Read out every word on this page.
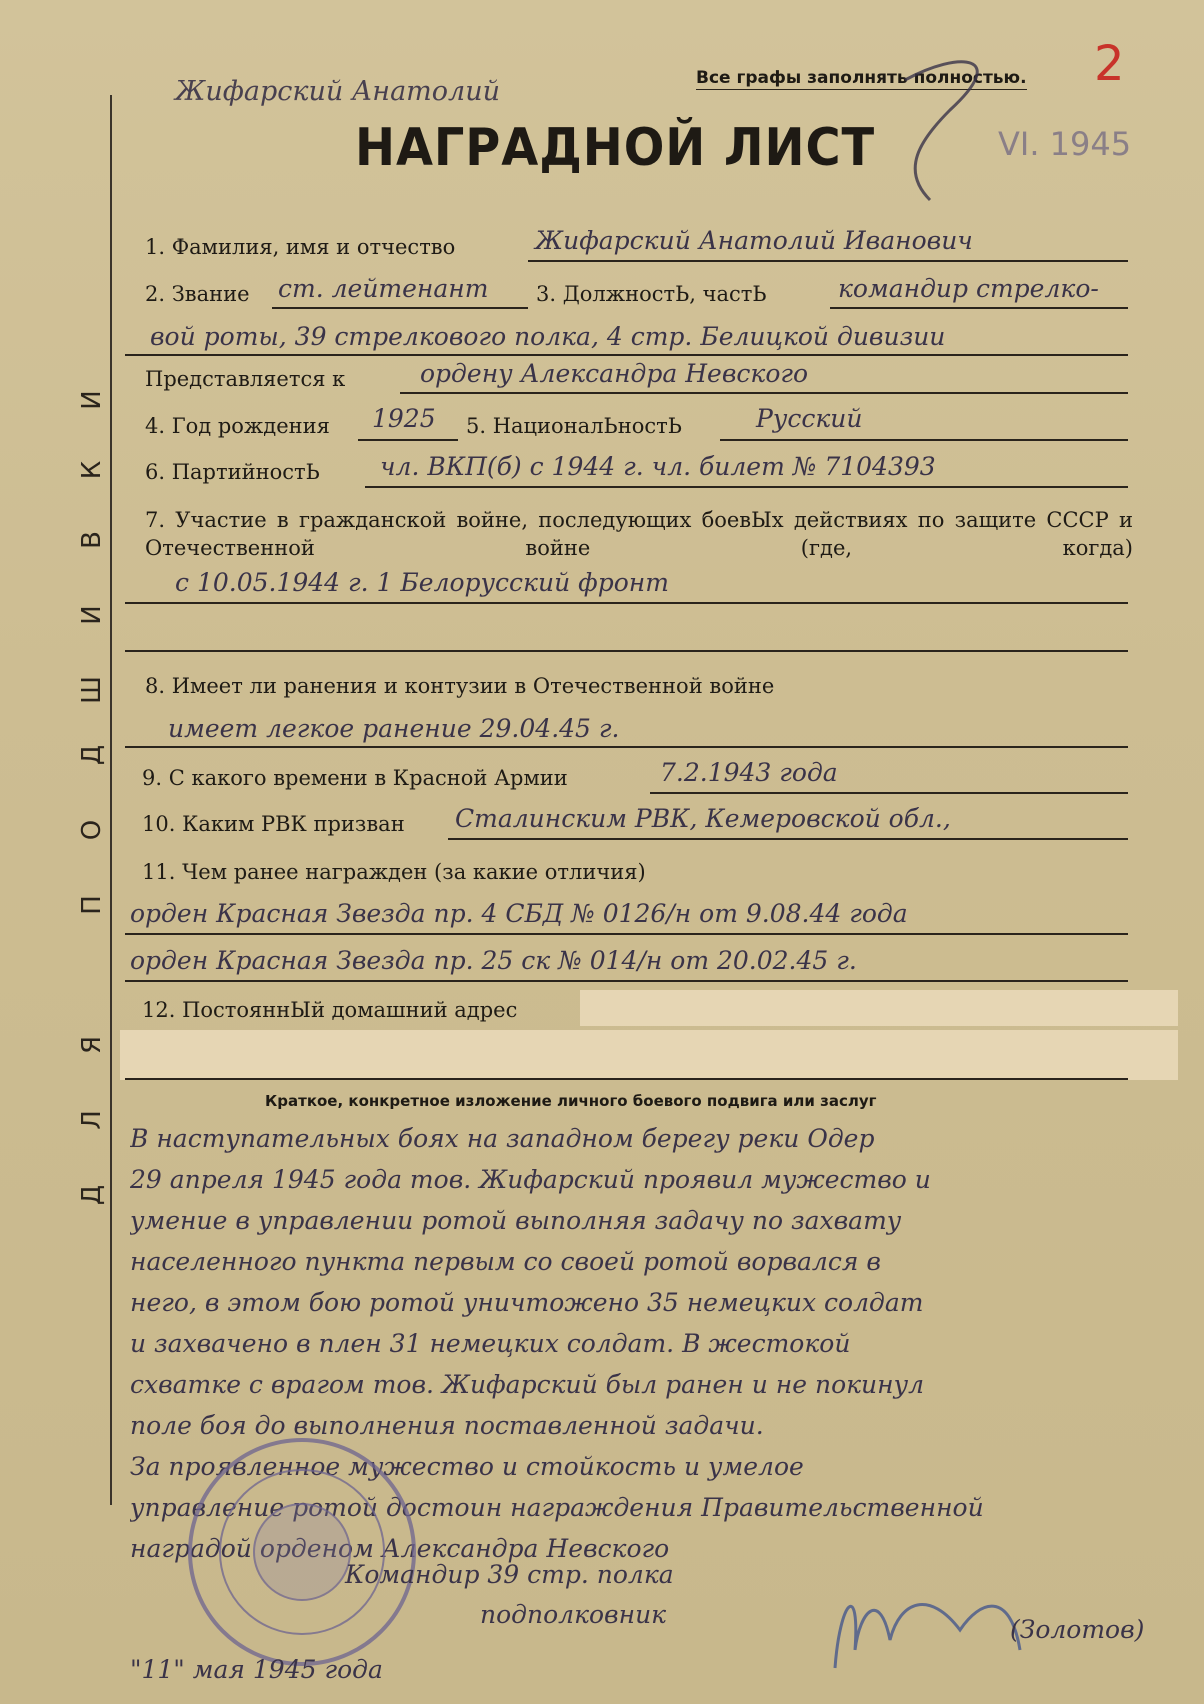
Д
Л
Я
П
О
Д
Ш
И
В
К
И
Жифарский Анатолий	Все графы заполнять полностью. 2
НАГРАДНОЙ ЛИСТ	VI. 1945
1. Фамилия, имя и отчество	Жифарский Анатолий Иванович
2. Звание ст. лейтенант 3. ДолжностЬ, частЬ	командир стрелко-
вой роты, 39 стрелкового полка, 4 стр. Белицкой дивизии
Представляется к	ордену Александра Невского
4. Год рождения 1925 5. НационалЬностЬ	Русский
6. ПартийностЬ чл. ВКП(б) с 1944 г. чл. билет № 7104393
7. Участие в гражданской войне, последующих боевЫх действиях по защите СССР и Отечественной войне (где, когда)
с 10.05.1944 г. 1 Белорусский фронт
8. Имеет ли ранения и контузии в Отечественной войне
имеет легкое ранение 29.04.45 г.
9. С какого времени в Красной Армии	7.2.1943 года
10. Каким РВК призван Сталинским РВК, Кемеровской обл.,
11. Чем ранее награжден (за какие отличия)
орден Красная Звезда пр. 4 СБД № 0126/н от 9.08.44 года
орден Красная Звезда пр. 25 ск № 014/н от 20.02.45 г.
12. ПостояннЫй домашний адрес
Краткое, конкретное изложение личного боевого подвига или заслуг
В наступательных боях на западном берегу реки Одер
29 апреля 1945 года тов. Жифарский проявил мужество и
умение в управлении ротой выполняя задачу по захвату
населенного пункта первым со своей ротой ворвался в
него, в этом бою ротой уничтожено 35 немецких солдат
и захвачено в плен 31 немецких солдат. В жестокой
схватке с врагом тов. Жифарский был ранен и не покинул
поле боя до выполнения поставленной задачи.
За проявленное мужество и стойкость и умелое
управление ротой достоин награждения Правительственной
наградой орденом Александра Невского
Командир 39 стр. полка
подполковник
(Золотов)
"11" мая 1945 года
